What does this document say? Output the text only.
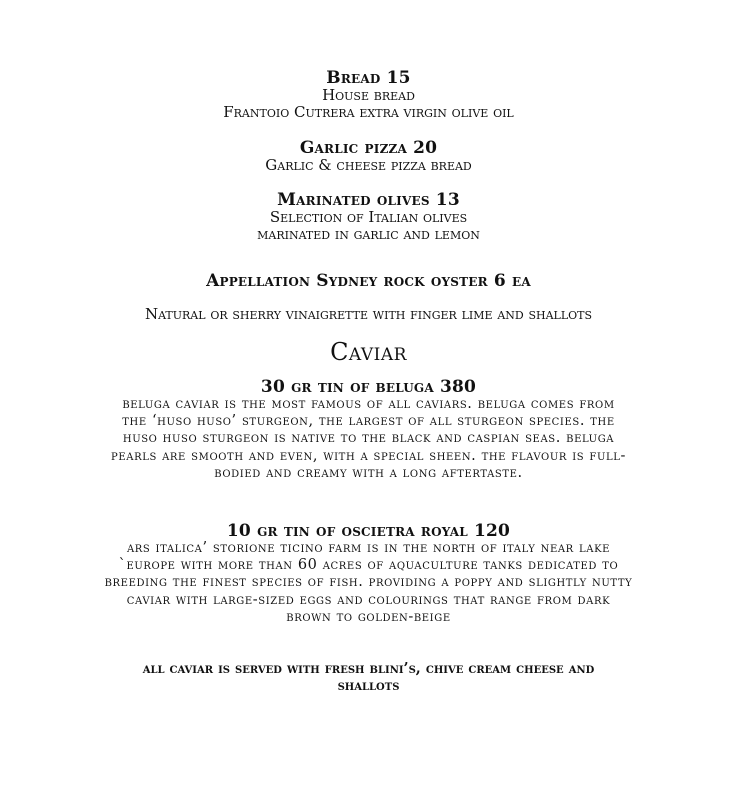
Bread 15
House bread
Frantoio Cutrera extra virgin olive oil
Garlic pizza 20
Garlic & cheese pizza bread
Marinated olives 13
Selection of Italian olives
marinated in garlic and lemon
Appellation Sydney rock oyster 6 ea
Natural or sherry vinaigrette with finger lime and shallots
Caviar
30 gr tin of beluga 380
beluga caviar is the most famous of all caviars. beluga comes from the ‘huso huso’ sturgeon, the largest of all sturgeon species. the huso huso sturgeon is native to the black and caspian seas. beluga pearls are smooth and even, with a special sheen. the flavour is full-bodied and creamy with a long aftertaste.
10 gr tin of oscietra royal 120
ars italica’ storione ticino farm is in the north of italy near lake `europe with more than 60 acres of aquaculture tanks dedicated to breeding the finest species of fish. providing a poppy and slightly nutty caviar with large-sized eggs and colourings that range from dark brown to golden-beige
all caviar is served with fresh blini’s, chive cream cheese and shallots
